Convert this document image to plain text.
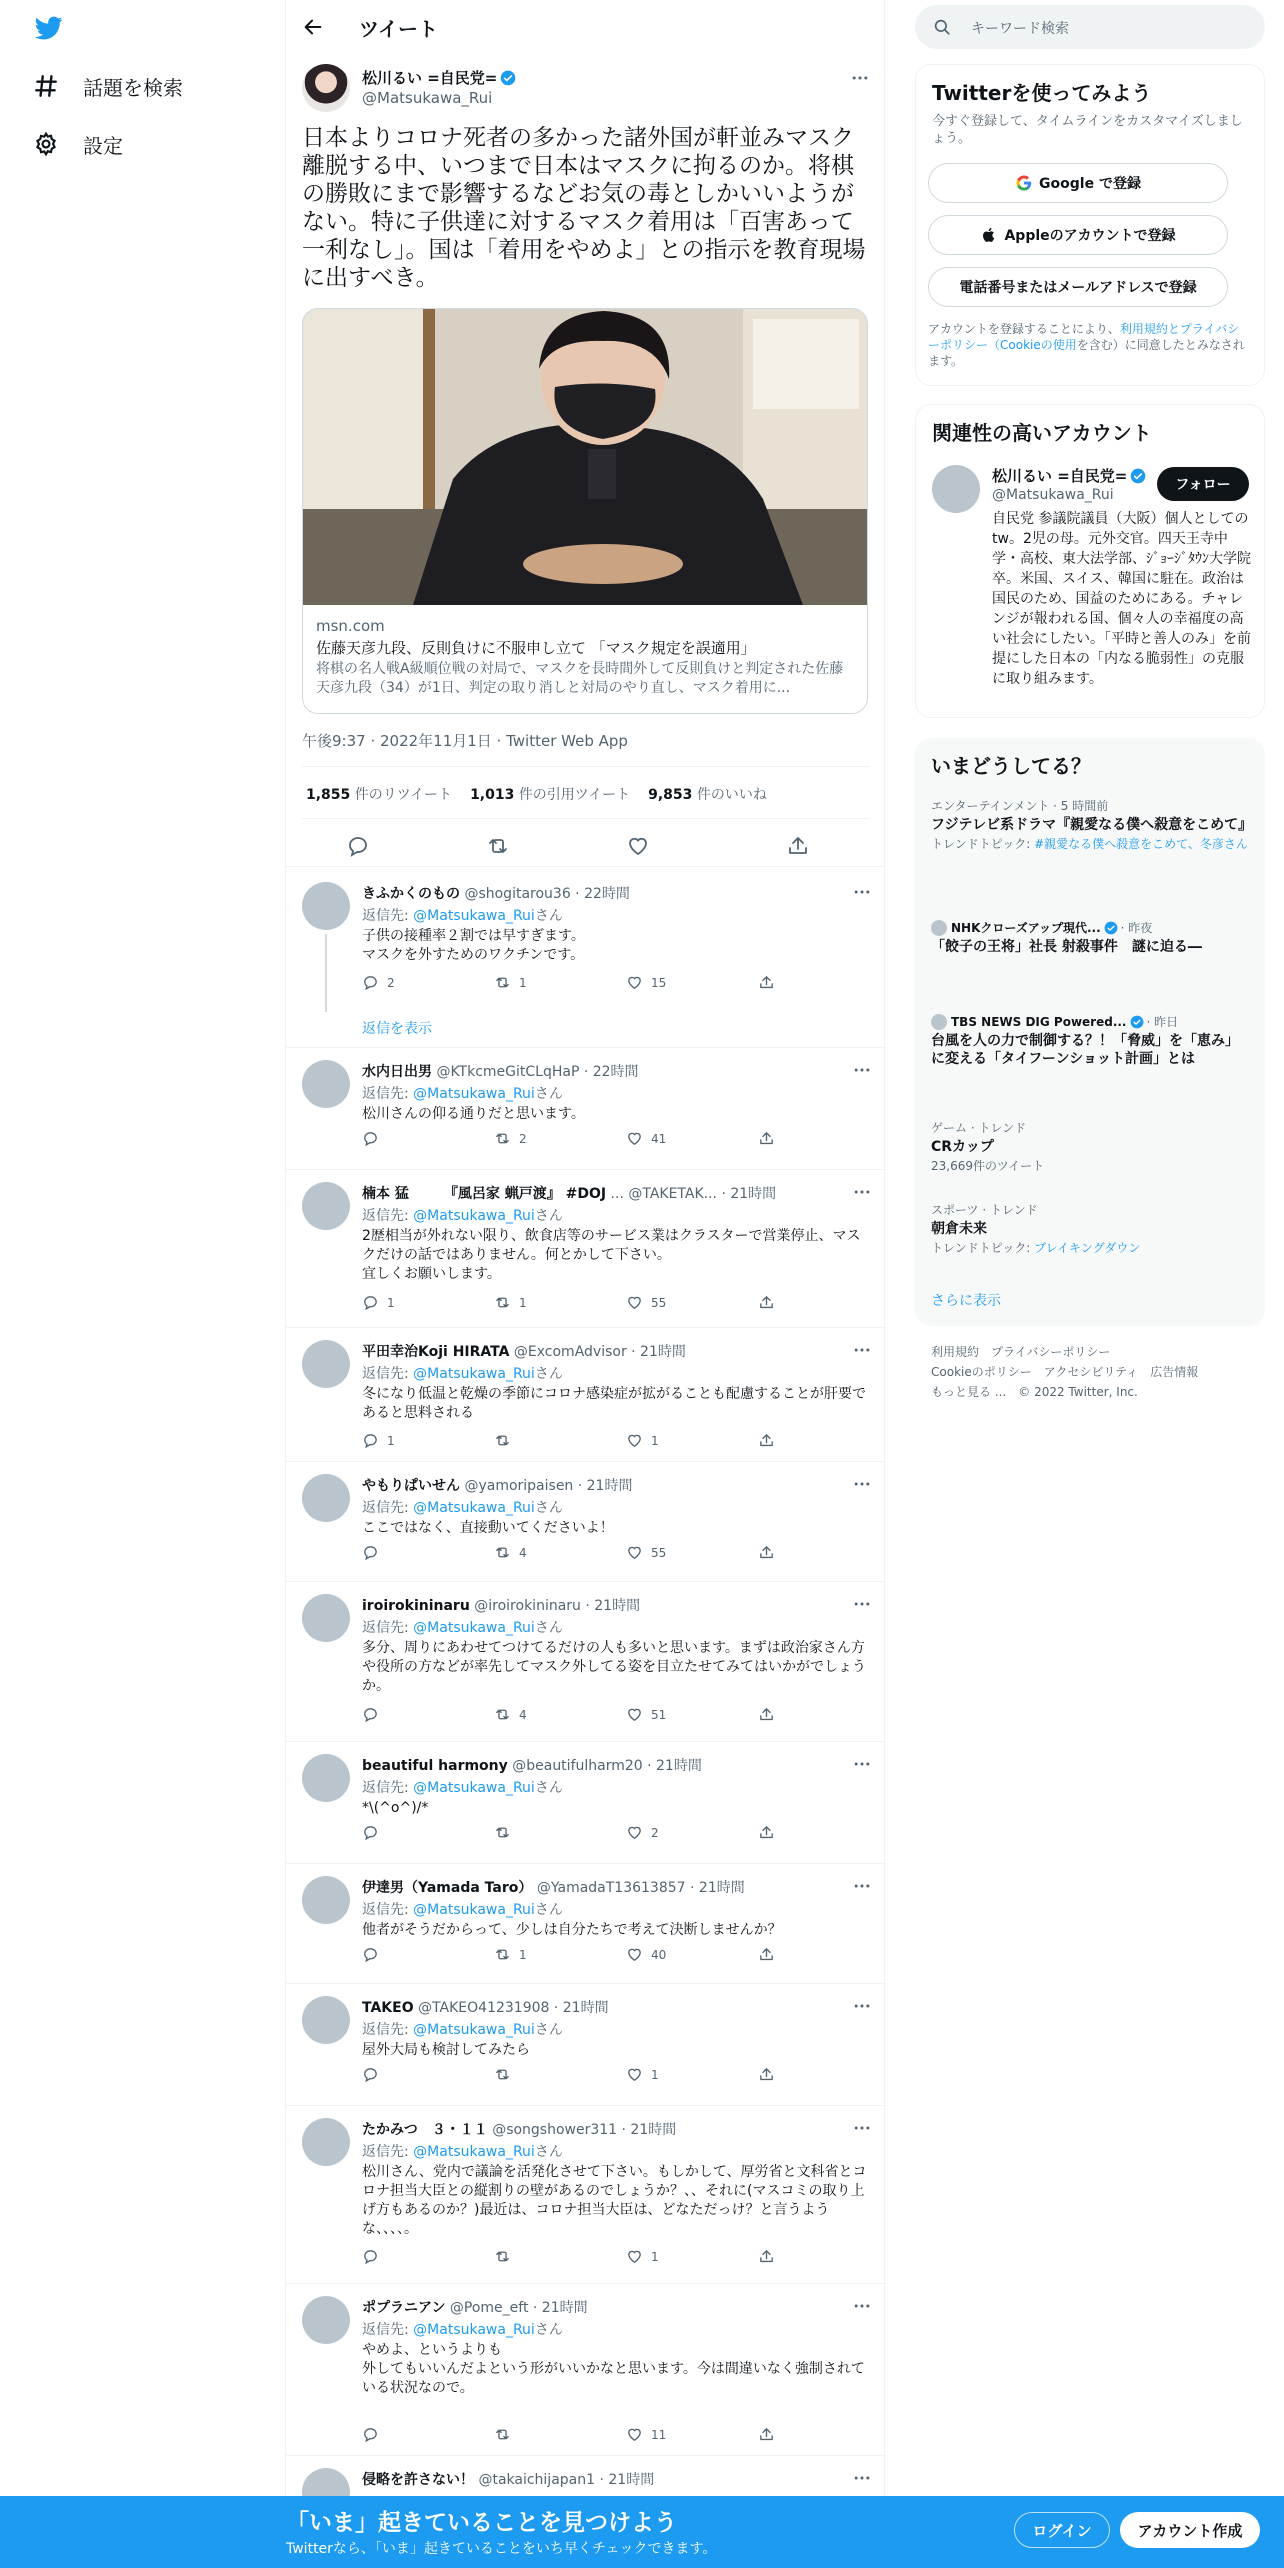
話題を検索
設定
ツイート
松川るい =自民党=
@Matsukawa_Rui
日本よりコロナ死者の多かった諸外国が軒並みマスク離脱する中、いつまで日本はマスクに拘るのか。将棋の勝敗にまで影響するなどお気の毒としかいいようがない。特に子供達に対するマスク着用は「百害あって一利なし」。国は「着用をやめよ」との指示を教育現場に出すべき。
msn.com
佐藤天彦九段、反則負けに不服申し立て 「マスク規定を誤適用」
将棋の名人戦A級順位戦の対局で、マスクを長時間外して反則負けと判定された佐藤天彦九段（34）が1日、判定の取り消しと対局のやり直し、マスク着用に...
午後9:37 · 2022年11月1日 · Twitter Web App
1,855 件のリツイート 1,013 件の引用ツイート 9,853 件のいいね
きふかくのもの @shogitarou36 · 22時間
返信先: @Matsukawa_Ruiさん
子供の接種率２割では早すぎます。
マスクを外すためのワクチンです。
2	1	15
返信を表示
水内日出男 @KTkcmeGitCLqHaP · 22時間
返信先: @Matsukawa_Ruiさん
松川さんの仰る通りだと思います。
2	41
楠本 猛　　　『風呂家 蝋戸渡』 #DOJ ... @TAKETAK... · 21時間
返信先: @Matsukawa_Ruiさん
2歴相当が外れない限り、飲食店等のサービス業はクラスターで営業停止、マスクだけの話ではありません。何とかして下さい。
宜しくお願いします。
1	1	55
平田幸治Koji HIRATA @ExcomAdvisor · 21時間
返信先: @Matsukawa_Ruiさん
冬になり低温と乾燥の季節にコロナ感染症が拡がることも配慮することが肝要であると思料される
1	1
やもりぱいせん @yamoripaisen · 21時間
返信先: @Matsukawa_Ruiさん
ここではなく、直接動いてくださいよ！
4	55
iroirokininaru @iroirokininaru · 21時間
返信先: @Matsukawa_Ruiさん
多分、周りにあわせてつけてるだけの人も多いと思います。まずは政治家さん方や役所の方などが率先してマスク外してる姿を目立たせてみてはいかがでしょうか。
4	51
beautiful harmony @beautifulharm20 · 21時間
返信先: @Matsukawa_Ruiさん
*\(^o^)/*
2
伊達男（Yamada Taro） @YamadaT13613857 · 21時間
返信先: @Matsukawa_Ruiさん
他者がそうだからって、少しは自分たちで考えて決断しませんか？
1	40
TAKEO @TAKEO41231908 · 21時間
返信先: @Matsukawa_Ruiさん
屋外大局も検討してみたら
1
たかみつ　３・１１ @songshower311 · 21時間
返信先: @Matsukawa_Ruiさん
松川さん、党内で議論を活発化させて下さい。もしかして、厚労省と文科省とコロナ担当大臣との縦割りの壁があるのでしょうか？、、それに(マスコミの取り上げ方もあるのか？)最近は、コロナ担当大臣は、どなただっけ？と言うような、、、、。
1
ポプラニアン @Pome_eft · 21時間
返信先: @Matsukawa_Ruiさん
やめよ、というよりも
外してもいいんだよという形がいいかなと思います。今は間違いなく強制されている状況なので。
11
侵略を許さない！ @takaichijapan1 · 21時間
キーワード検索
Twitterを使ってみよう
今すぐ登録して、タイムラインをカスタマイズしましょう。
Google で登録
Appleのアカウントで登録
電話番号またはメールアドレスで登録
アカウントを登録することにより、利用規約とプライバシーポリシー（Cookieの使用を含む）に同意したとみなされます。
関連性の高いアカウント
松川るい =自民党=
@Matsukawa_Rui
フォロー
自民党 参議院議員（大阪）個人としての tw。2児の母。元外交官。四天王寺中学・高校、東大法学部、ｼﾞｮｰｼﾞﾀｳﾝ大学院卒。米国、スイス、韓国に駐在。政治は国民のため、国益のためにある。チャレンジが報われる国、個々人の幸福度の高い社会にしたい。「平時と善人のみ」を前提にした日本の「内なる脆弱性」の克服に取り組みます。
いまどうしてる？
エンターテインメント · 5 時間前
フジテレビ系ドラマ『親愛なる僕へ殺意をこめて』
トレンドトピック: #親愛なる僕へ殺意をこめて、冬彦さん
NHKクローズアップ現代... · 昨夜
「餃子の王将」社長 射殺事件　謎に迫る―
TBS NEWS DIG Powered... · 昨日
台風を人の力で制御する？！「脅威」を「恵み」に変える「タイフーンショット計画」とは
ゲーム · トレンド
CRカップ
23,669件のツイート
スポーツ · トレンド
朝倉未来
トレンドトピック: ブレイキングダウン
さらに表示
利用規約 プライバシーポリシー
Cookieのポリシー アクセシビリティ 広告情報
もっと見る ... © 2022 Twitter, Inc.
「いま」起きていることを見つけよう
Twitterなら、「いま」起きていることをいち早くチェックできます。
ログイン	アカウント作成
